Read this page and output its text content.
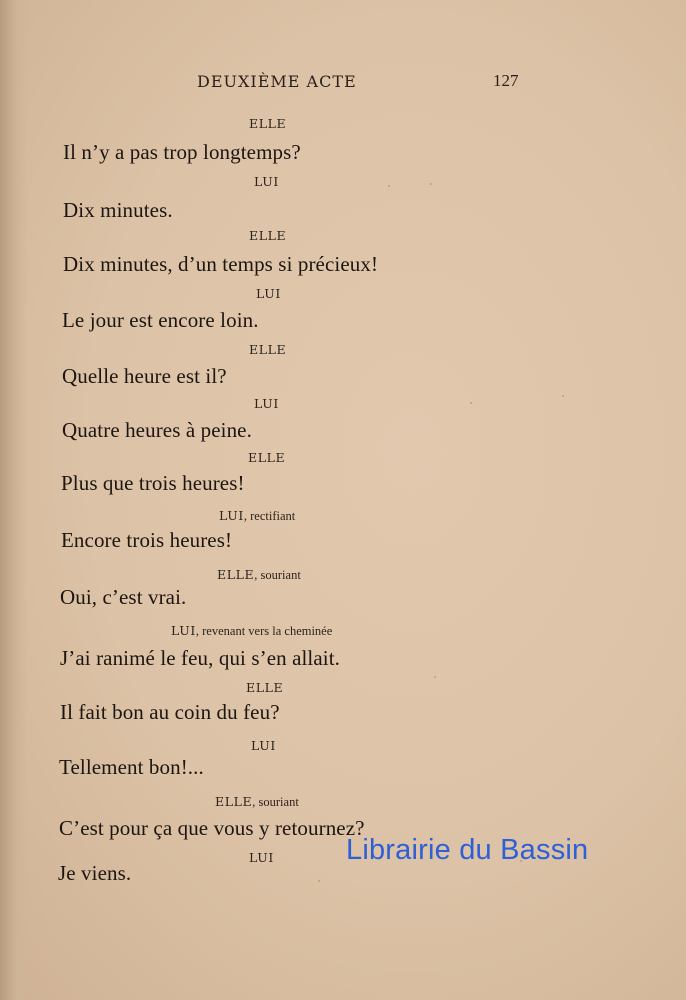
DEUXIÈME ACTE	127
ELLE
Il n’y a pas trop longtemps?
LUI
Dix minutes.
ELLE
Dix minutes, d’un temps si précieux!
LUI
Le jour est encore loin.
ELLE
Quelle heure est il?
LUI
Quatre heures à peine.
ELLE
Plus que trois heures!
LUI, rectifiant
Encore trois heures!
ELLE, souriant
Oui, c’est vrai.
LUI, revenant vers la cheminée
J’ai ranimé le feu, qui s’en allait.
ELLE
Il fait bon au coin du feu?
LUI
Tellement bon!...
ELLE, souriant
C’est pour ça que vous y retournez?
LUI
Je viens.
Librairie du Bassin
